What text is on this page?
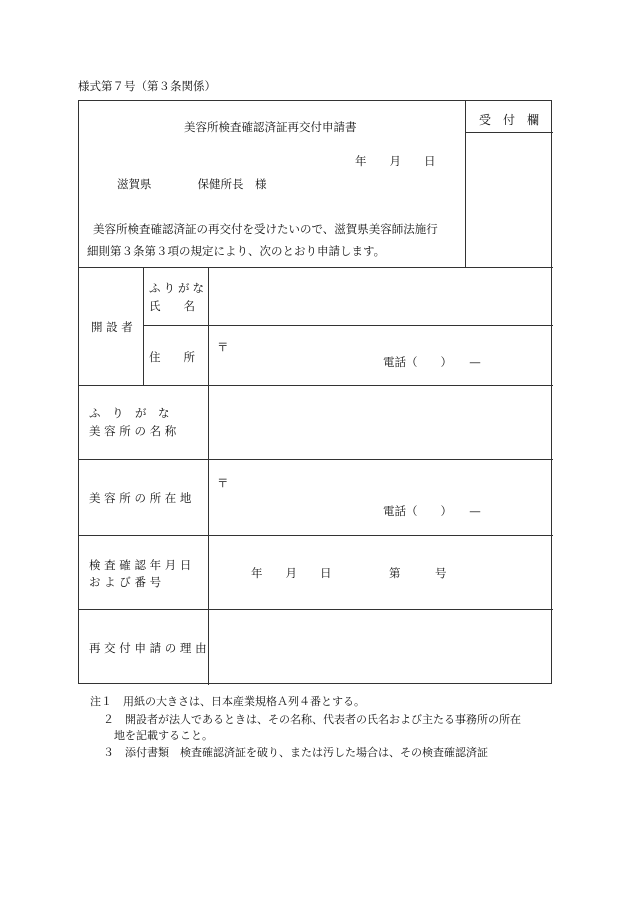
様式第７号（第３条関係）
美容所検査確認済証再交付申請書	受　付　欄
年　　月　　日
滋賀県　　　　保健所長　様
美容所検査確認済証の再交付を受けたいので、滋賀県美容師法施行
細則第３条第３項の規定により、次のとおり申請します。
開 設 者
ふりがな
氏　　名
住　　所
〒
電話（　　）　　—
ふ　り　が　な
美 容 所 の 名 称
美 容 所 の 所 在 地
〒
電話（　　）　　—
検 査 確 認 年 月 日
お よ び 番 号
年　　月　　日　　　　　第　　　号
再 交 付 申 請 の 理 由
注１　用紙の大きさは、日本産業規格Ａ列４番とする。
２　開設者が法人であるときは、その名称、代表者の氏名および主たる事務所の所在
地を記載すること。
３　添付書類　検査確認済証を破り、または汚した場合は、その検査確認済証
